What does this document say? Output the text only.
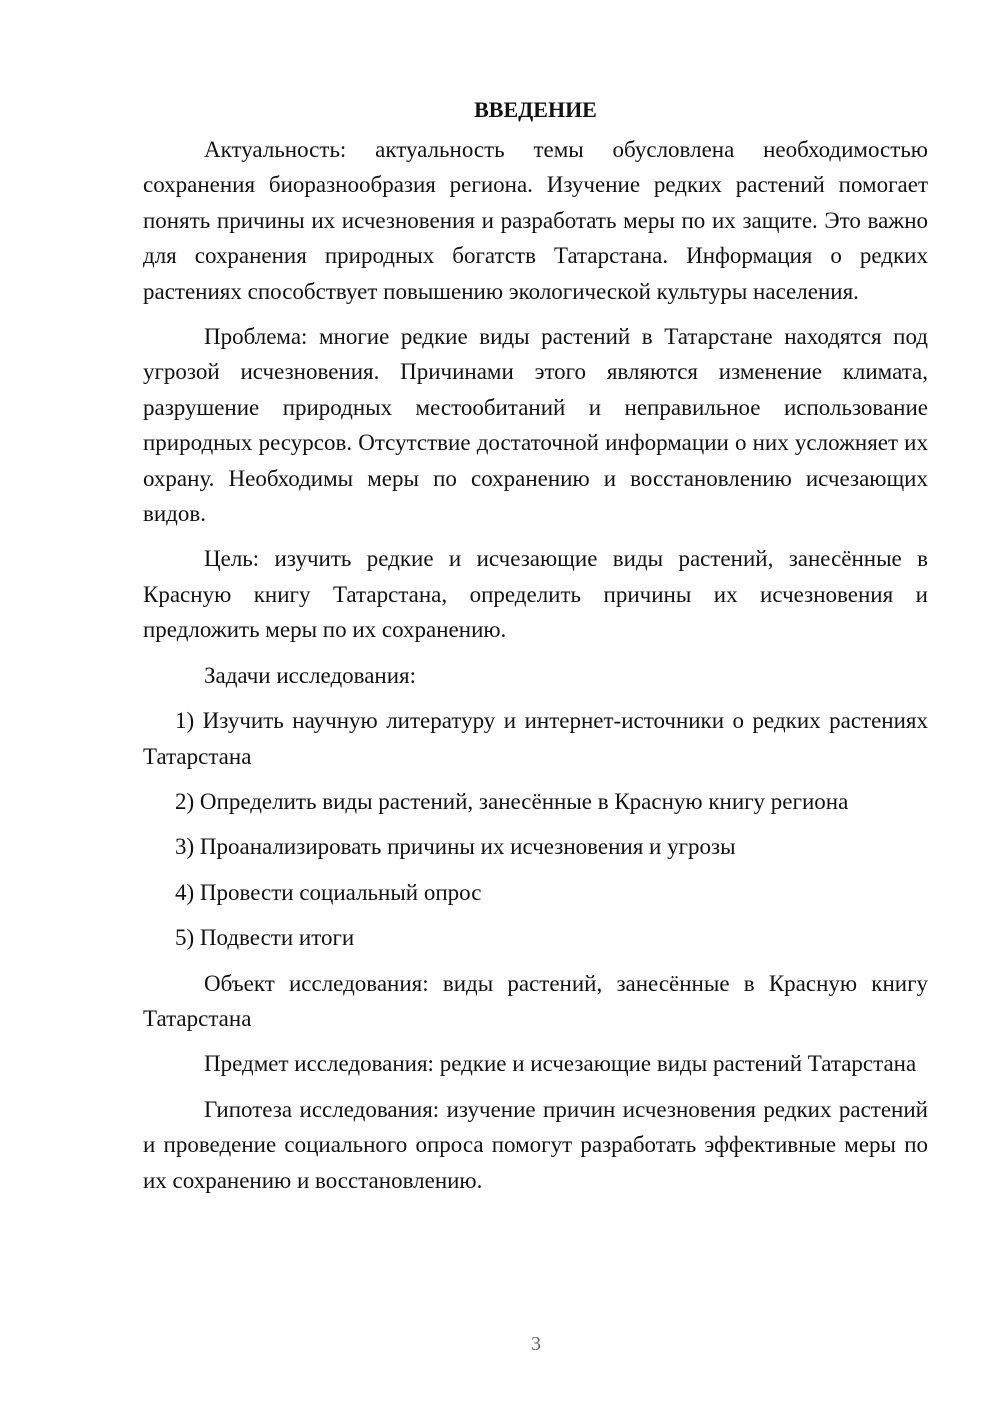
ВВЕДЕНИЕ

Актуальность: актуальность темы обусловлена необходимостью сохранения биоразнообразия региона. Изучение редких растений помогает понять причины их исчезновения и разработать меры по их защите. Это важно для сохранения природных богатств Татарстана. Информация о редких растениях способствует повышению экологической культуры населения.

Проблема: многие редкие виды растений в Татарстане находятся под угрозой исчезновения. Причинами этого являются изменение климата, разрушение природных местообитаний и неправильное использование природных ресурсов. Отсутствие достаточной информации о них усложняет их охрану. Необходимы меры по сохранению и восстановлению исчезающих видов.

Цель: изучить редкие и исчезающие виды растений, занесённые в Красную книгу Татарстана, определить причины их исчезновения и предложить меры по их сохранению.

Задачи исследования:

1) Изучить научную литературу и интернет-источники о редких растениях Татарстана

2) Определить виды растений, занесённые в Красную книгу региона

3) Проанализировать причины их исчезновения и угрозы

4) Провести социальный опрос

5) Подвести итоги

Объект исследования: виды растений, занесённые в Красную книгу Татарстана

Предмет исследования: редкие и исчезающие виды растений Татарстана

Гипотеза исследования: изучение причин исчезновения редких растений и проведение социального опроса помогут разработать эффективные меры по их сохранению и восстановлению.

3
